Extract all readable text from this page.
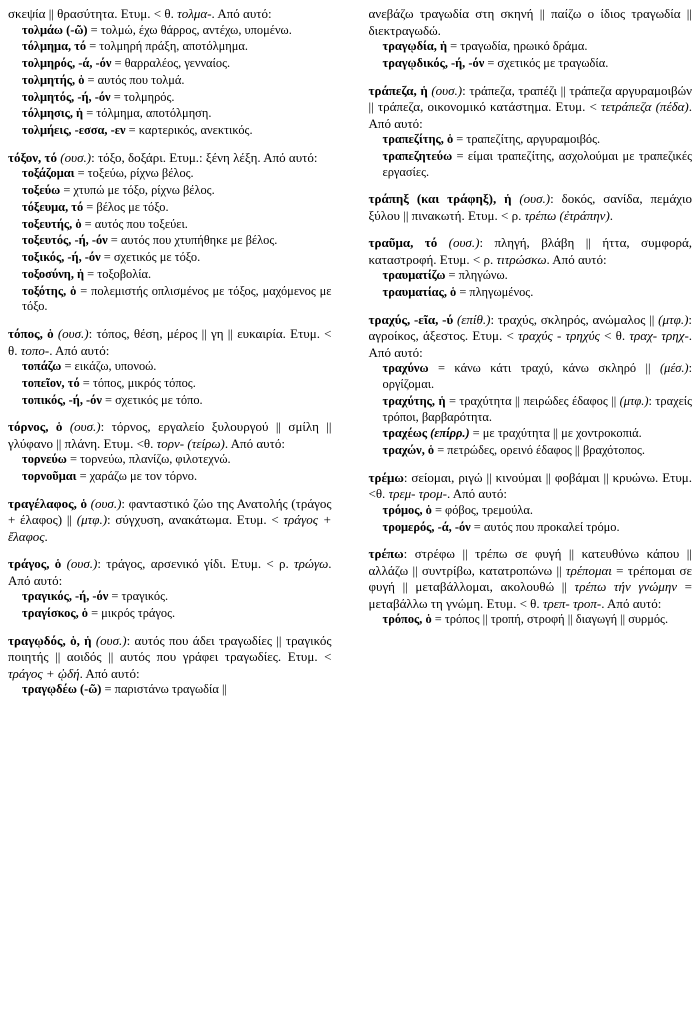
σκεψία || θρασύτητα. Ετυμ. < θ. τολμα-. Από αυτό:

τολμάω (-ῶ) = τολμώ, έχω θάρρος, αντέχω, υπομένω.

τόλμημα, τό = τολμηρή πράξη, αποτόλμημα.

τολμηρός, -ά, -όν = θαρραλέος, γενναίος.

τολμητής, ὁ = αυτός που τολμά.

τολμητός, -ή, -όν = τολμηρός.

τόλμησις, ἡ = τόλμημα, αποτόλμηση.

τολμήεις, -εσσα, -εν = καρτερικός, ανεκτικός.

τόξον, τό (ουσ.): τόξο, δοξάρι. Ετυμ.: ξένη λέξη. Από αυτό:

τοξάζομαι = τοξεύω, ρίχνω βέλος.

τοξεύω = χτυπώ με τόξο, ρίχνω βέλος.

τόξευμα, τό = βέλος με τόξο.

τοξευτής, ὁ = αυτός που τοξεύει.

τοξευτός, -ή, -όν = αυτός που χτυπήθηκε με βέλος.

τοξικός, -ή, -όν = σχετικός με τόξο.

τοξοσύνη, ἡ = τοξοβολία.

τοξότης, ὁ = πολεμιστής οπλισμένος με τόξος, μαχόμενος με τόξο.

τόπος, ὁ (ουσ.): τόπος, θέση, μέρος || γη || ευκαιρία. Ετυμ. < θ. τοπο-. Από αυτό:

τοπάζω = εικάζω, υπονοώ.

τοπεῖον, τό = τόπος, μικρός τόπος.

τοπικός, -ή, -όν = σχετικός με τόπο.

τόρνος, ὁ (ουσ.): τόρνος, εργαλείο ξυλουργού || σμίλη || γλύφανο || πλάνη. Ετυμ. <θ. τορν- (τείρω). Από αυτό:

τορνεύω = τορνεύω, πλανίζω, φιλοτεχνώ.

τορνοῦμαι = χαράζω με τον τόρνο.

τραγέλαφος, ὁ (ουσ.): φανταστικό ζώο της Ανατολής (τράγος + έλαφος) || (μτφ.): σύγχυση, ανακάτωμα. Ετυμ. < τράγος + ἔλαφος.
τράγος, ὁ (ουσ.): τράγος, αρσενικό γίδι. Ετυμ. < ρ. τρώγω. Από αυτό:

τραγικός, -ή, -όν = τραγικός.

τραγίσκος, ὁ = μικρός τράγος.

τραγῳδός, ὁ, ἡ (ουσ.): αυτός που άδει τραγωδίες || τραγικός ποιητής || αοιδός || αυτός που γράφει τραγωδίες. Ετυμ. < τράγος + ᾠδή. Από αυτό:

τραγῳδέω (-ῶ) = παριστάνω τραγωδία ||

ανεβάζω τραγωδία στη σκηνή || παίζω ο ίδιος τραγωδία || διεκτραγωδώ.

τραγῳδία, ἡ = τραγωδία, ηρωικό δράμα.

τραγῳδικός, -ή, -όν = σχετικός με τραγωδία.

τράπεζα, ἡ (ουσ.): τράπεζα, τραπέζι || τράπεζα αργυραμοιβών || τράπεζα, οικονομικό κατάστημα. Ετυμ. < τετράπεζα (πέδα). Από αυτό:

τραπεζίτης, ὁ = τραπεζίτης, αργυραμοιβός.

τραπεζητεύω = είμαι τραπεζίτης, ασχολούμαι με τραπεζικές εργασίες.

τράπηξ (και τράφηξ), ἡ (ουσ.): δοκός, σανίδα, πεμάχιο ξύλου || πινακωτή. Ετυμ. < ρ. τρέπω (ἐτράπην).
τραῦμα, τό (ουσ.): πληγή, βλάβη || ήττα, συμφορά, καταστροφή. Ετυμ. < ρ. τιτρώσκω. Από αυτό:

τραυματίζω = πληγώνω.

τραυματίας, ὁ = πληγωμένος.

τραχύς, -εῖα, -ύ (επίθ.): τραχύς, σκληρός, ανώμαλος || (μτφ.): αγροίκος, άξεστος. Ετυμ. < τραχύς - τρηχύς < θ. τραχ- τρηχ-. Από αυτό:

τραχύνω = κάνω κάτι τραχύ, κάνω σκληρό || (μέσ.): οργίζομαι.

τραχύτης, ἡ = τραχύτητα || πειρώδες έδαφος || (μτφ.): τραχείς τρόποι, βαρβαρότητα.

τραχέως (επίρρ.) = με τραχύτητα || με χοντροκοπιά.

τραχών, ὁ = πετρώδες, ορεινό έδαφος || βραχότοπος.

τρέμω: σείομαι, ριγώ || κινούμαι || φοβάμαι || κρυώνω. Ετυμ. <θ. τρεμ- τρομ-. Από αυτό:

τρόμος, ὁ = φόβος, τρεμούλα.

τρομερός, -ά, -όν = αυτός που προκαλεί τρόμο.

τρέπω: στρέφω || τρέπω σε φυγή || κατευθύνω κάπου || αλλάζω || συντρίβω, κατατροπώνω || τρέπομαι = τρέπομαι σε φυγή || μεταβάλλομαι, ακολουθώ || τρέπω τήν γνώμην = μεταβάλλω τη γνώμη. Ετυμ. < θ. τρεπ- τροπ-. Από αυτό:

τρόπος, ὁ = τρόπος || τροπή, στροφή || διαγωγή || συρμός.
